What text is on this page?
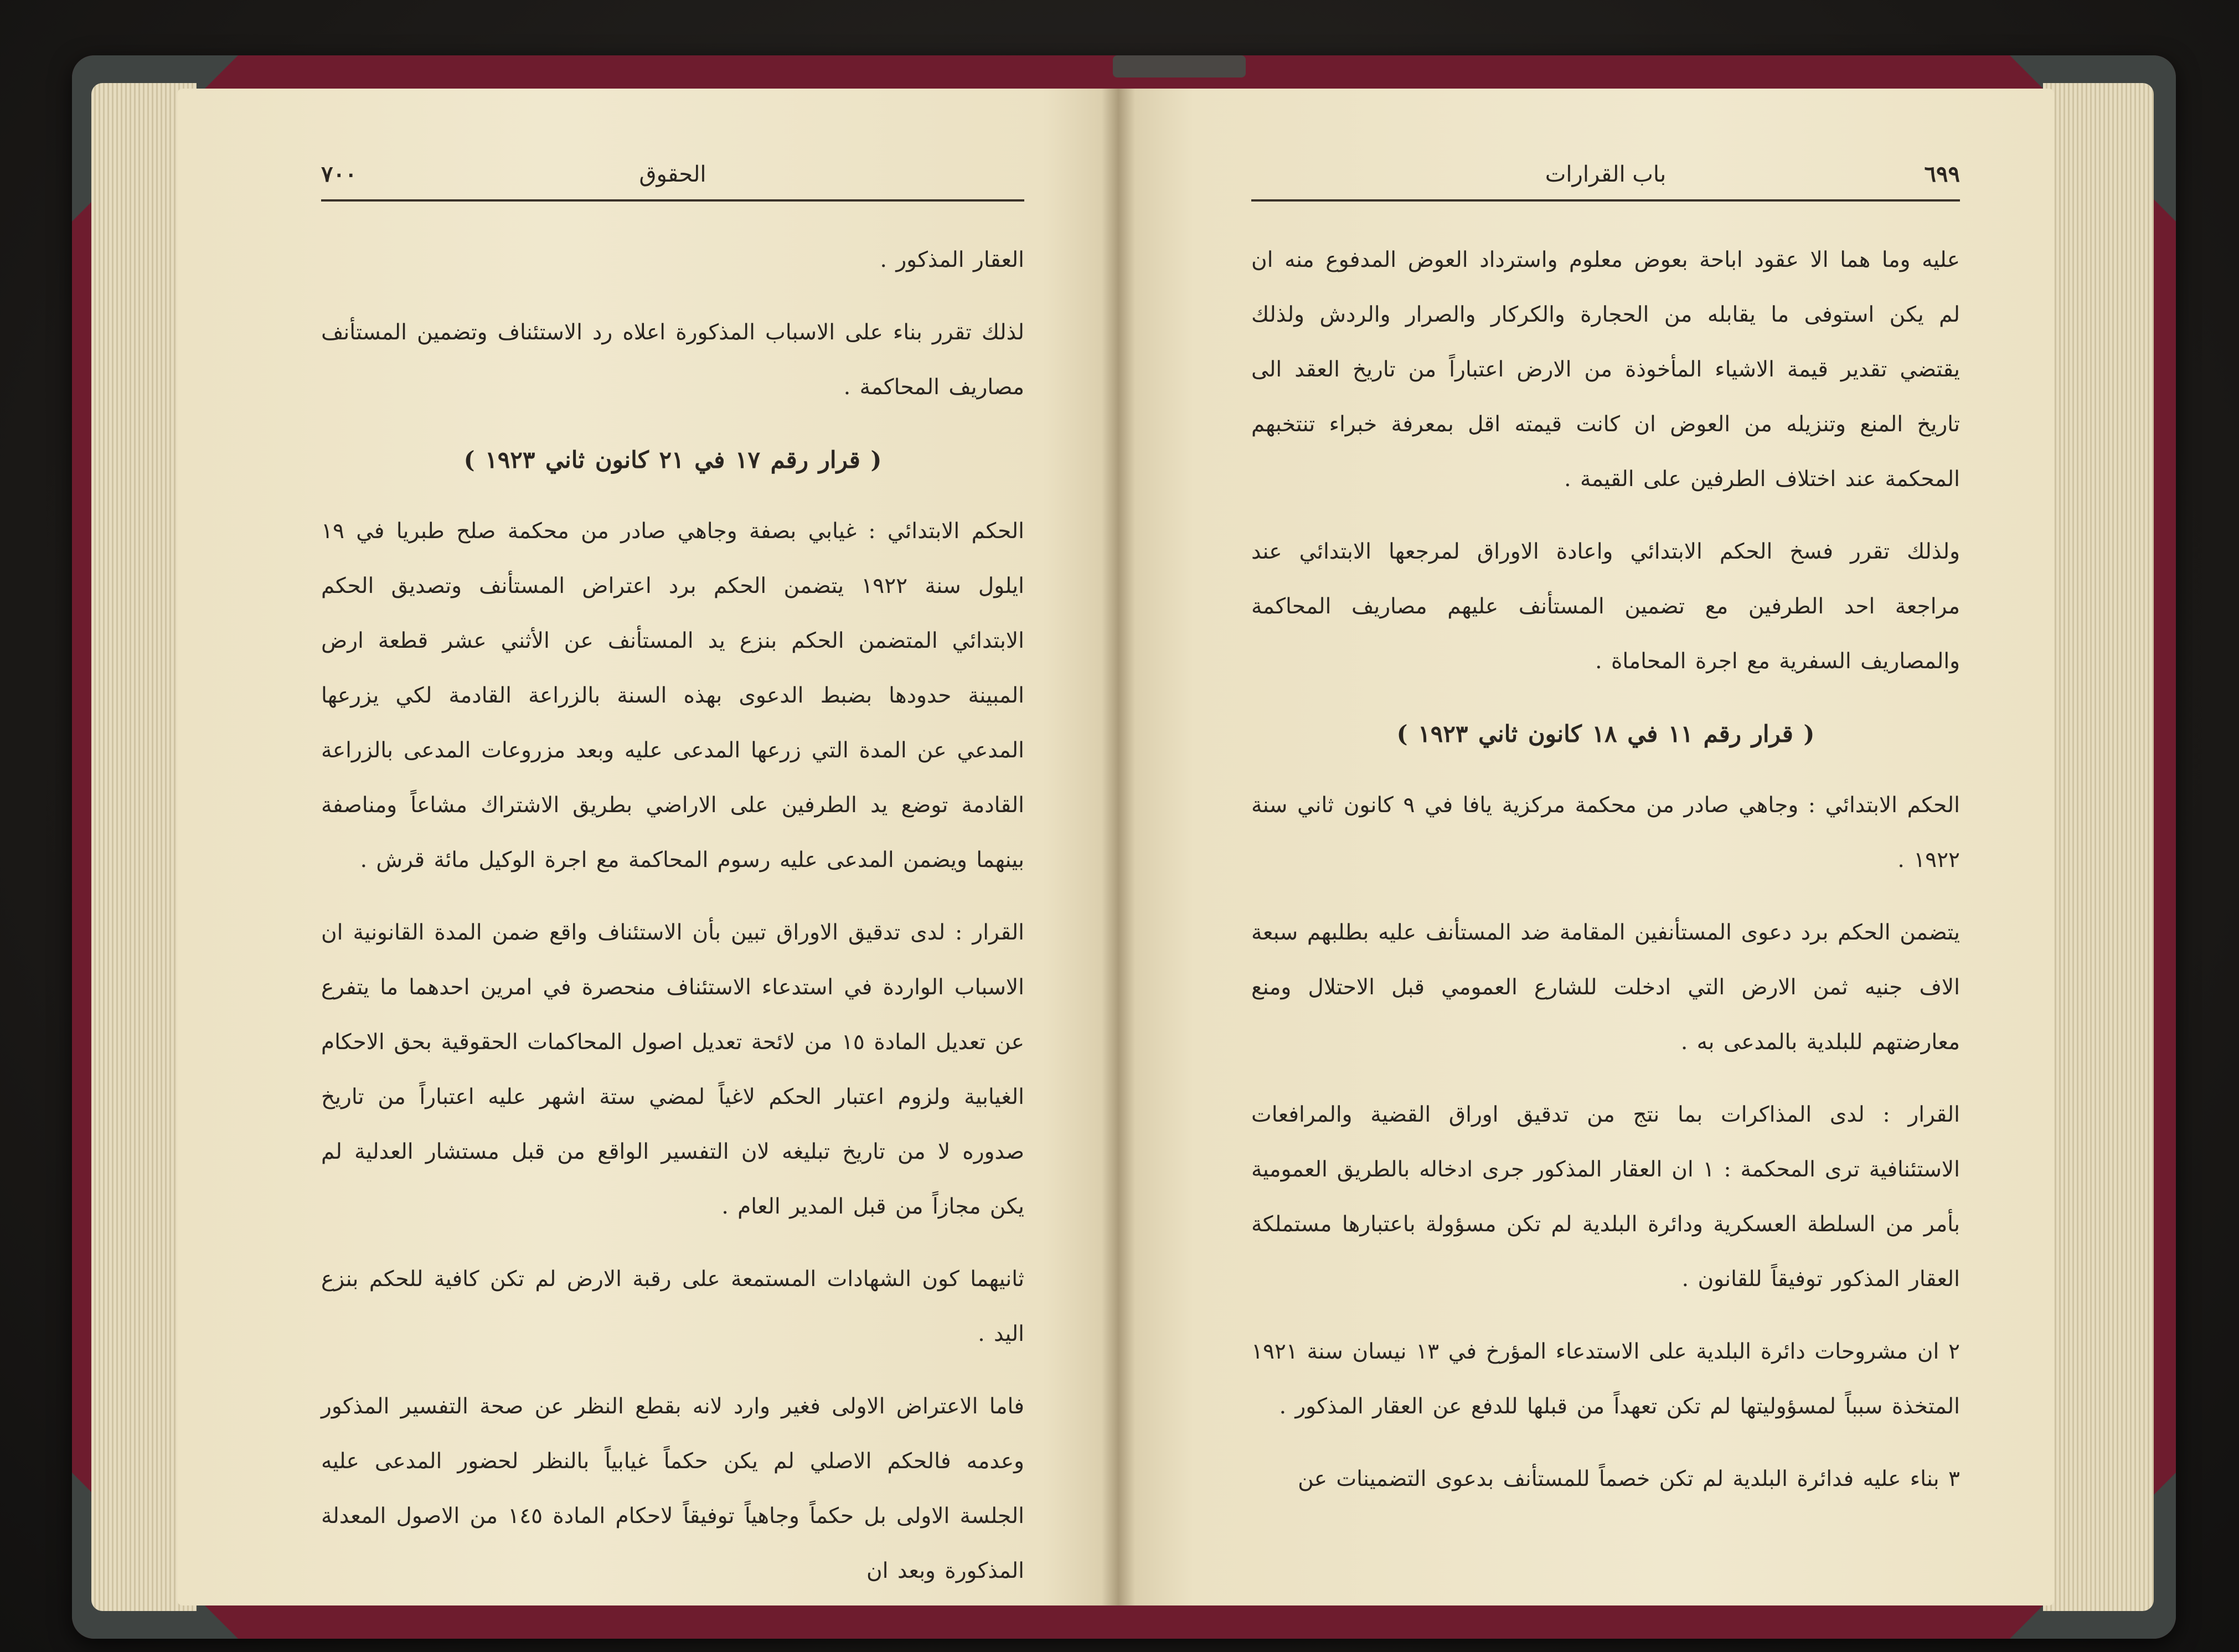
٧٠٠	الحقوق

العقار المذكور .

لذلك تقرر بناء على الاسباب المذكورة اعلاه رد الاستئناف وتضمين المستأنف مصاريف المحاكمة .

( قرار رقم ١٧ في ٢١ كانون ثاني ١٩٢٣ )

الحكم الابتدائي : غيابي بصفة وجاهي صادر من محكمة صلح طبريا في ١٩ ايلول سنة ١٩٢٢ يتضمن الحكم برد اعتراض المستأنف وتصديق الحكم الابتدائي المتضمن الحكم بنزع يد المستأنف عن الأثني عشر قطعة ارض المبينة حدودها بضبط الدعوى بهذه السنة بالزراعة القادمة لكي يزرعها المدعي عن المدة التي زرعها المدعى عليه وبعد مزروعات المدعى بالزراعة القادمة توضع يد الطرفين على الاراضي بطريق الاشتراك مشاعاً ومناصفة بينهما ويضمن المدعى عليه رسوم المحاكمة مع اجرة الوكيل مائة قرش .

القرار : لدى تدقيق الاوراق تبين بأن الاستئناف واقع ضمن المدة القانونية ان الاسباب الواردة في استدعاء الاستئناف منحصرة في امرين احدهما ما يتفرع عن تعديل المادة ١٥ من لائحة تعديل اصول المحاكمات الحقوقية بحق الاحكام الغيابية ولزوم اعتبار الحكم لاغياً لمضي ستة اشهر عليه اعتباراً من تاريخ صدوره لا من تاريخ تبليغه لان التفسير الواقع من قبل مستشار العدلية لم يكن مجازاً من قبل المدير العام .

ثانيهما كون الشهادات المستمعة على رقبة الارض لم تكن كافية للحكم بنزع اليد .

فاما الاعتراض الاولى فغير وارد لانه بقطع النظر عن صحة التفسير المذكور وعدمه فالحكم الاصلي لم يكن حكماً غيابياً بالنظر لحضور المدعى عليه الجلسة الاولى بل حكماً وجاهياً توفيقاً لاحكام المادة ١٤٥ من الاصول المعدلة المذكورة وبعد ان

٦٩٩
باب القرارات

عليه وما هما الا عقود اباحة بعوض معلوم واسترداد العوض المدفوع منه ان لم يكن استوفى ما يقابله من الحجارة والكركار والصرار والردش ولذلك يقتضي تقدير قيمة الاشياء المأخوذة من الارض اعتباراً من تاريخ العقد الى تاريخ المنع وتنزيله من العوض ان كانت قيمته اقل بمعرفة خبراء تنتخبهم المحكمة عند اختلاف الطرفين على القيمة .

ولذلك تقرر فسخ الحكم الابتدائي واعادة الاوراق لمرجعها الابتدائي عند مراجعة احد الطرفين مع تضمين المستأنف عليهم مصاريف المحاكمة والمصاريف السفرية مع اجرة المحاماة .

( قرار رقم ١١ في ١٨ كانون ثاني ١٩٢٣ )

الحكم الابتدائي : وجاهي صادر من محكمة مركزية يافا في ٩ كانون ثاني سنة ١٩٢٢ .

يتضمن الحكم برد دعوى المستأنفين المقامة ضد المستأنف عليه بطلبهم سبعة الاف جنيه ثمن الارض التي ادخلت للشارع العمومي قبل الاحتلال ومنع معارضتهم للبلدية بالمدعى به .

القرار : لدى المذاكرات بما نتج من تدقيق اوراق القضية والمرافعات الاستئنافية ترى المحكمة : ١ ان العقار المذكور جرى ادخاله بالطريق العمومية بأمر من السلطة العسكرية ودائرة البلدية لم تكن مسؤولة باعتبارها مستملكة العقار المذكور توفيقاً للقانون .

٢ ان مشروحات دائرة البلدية على الاستدعاء المؤرخ في ١٣ نيسان سنة ١٩٢١ المتخذة سبباً لمسؤوليتها لم تكن تعهداً من قبلها للدفع عن العقار المذكور .

٣ بناء عليه فدائرة البلدية لم تكن خصماً للمستأنف بدعوى التضمينات عن
